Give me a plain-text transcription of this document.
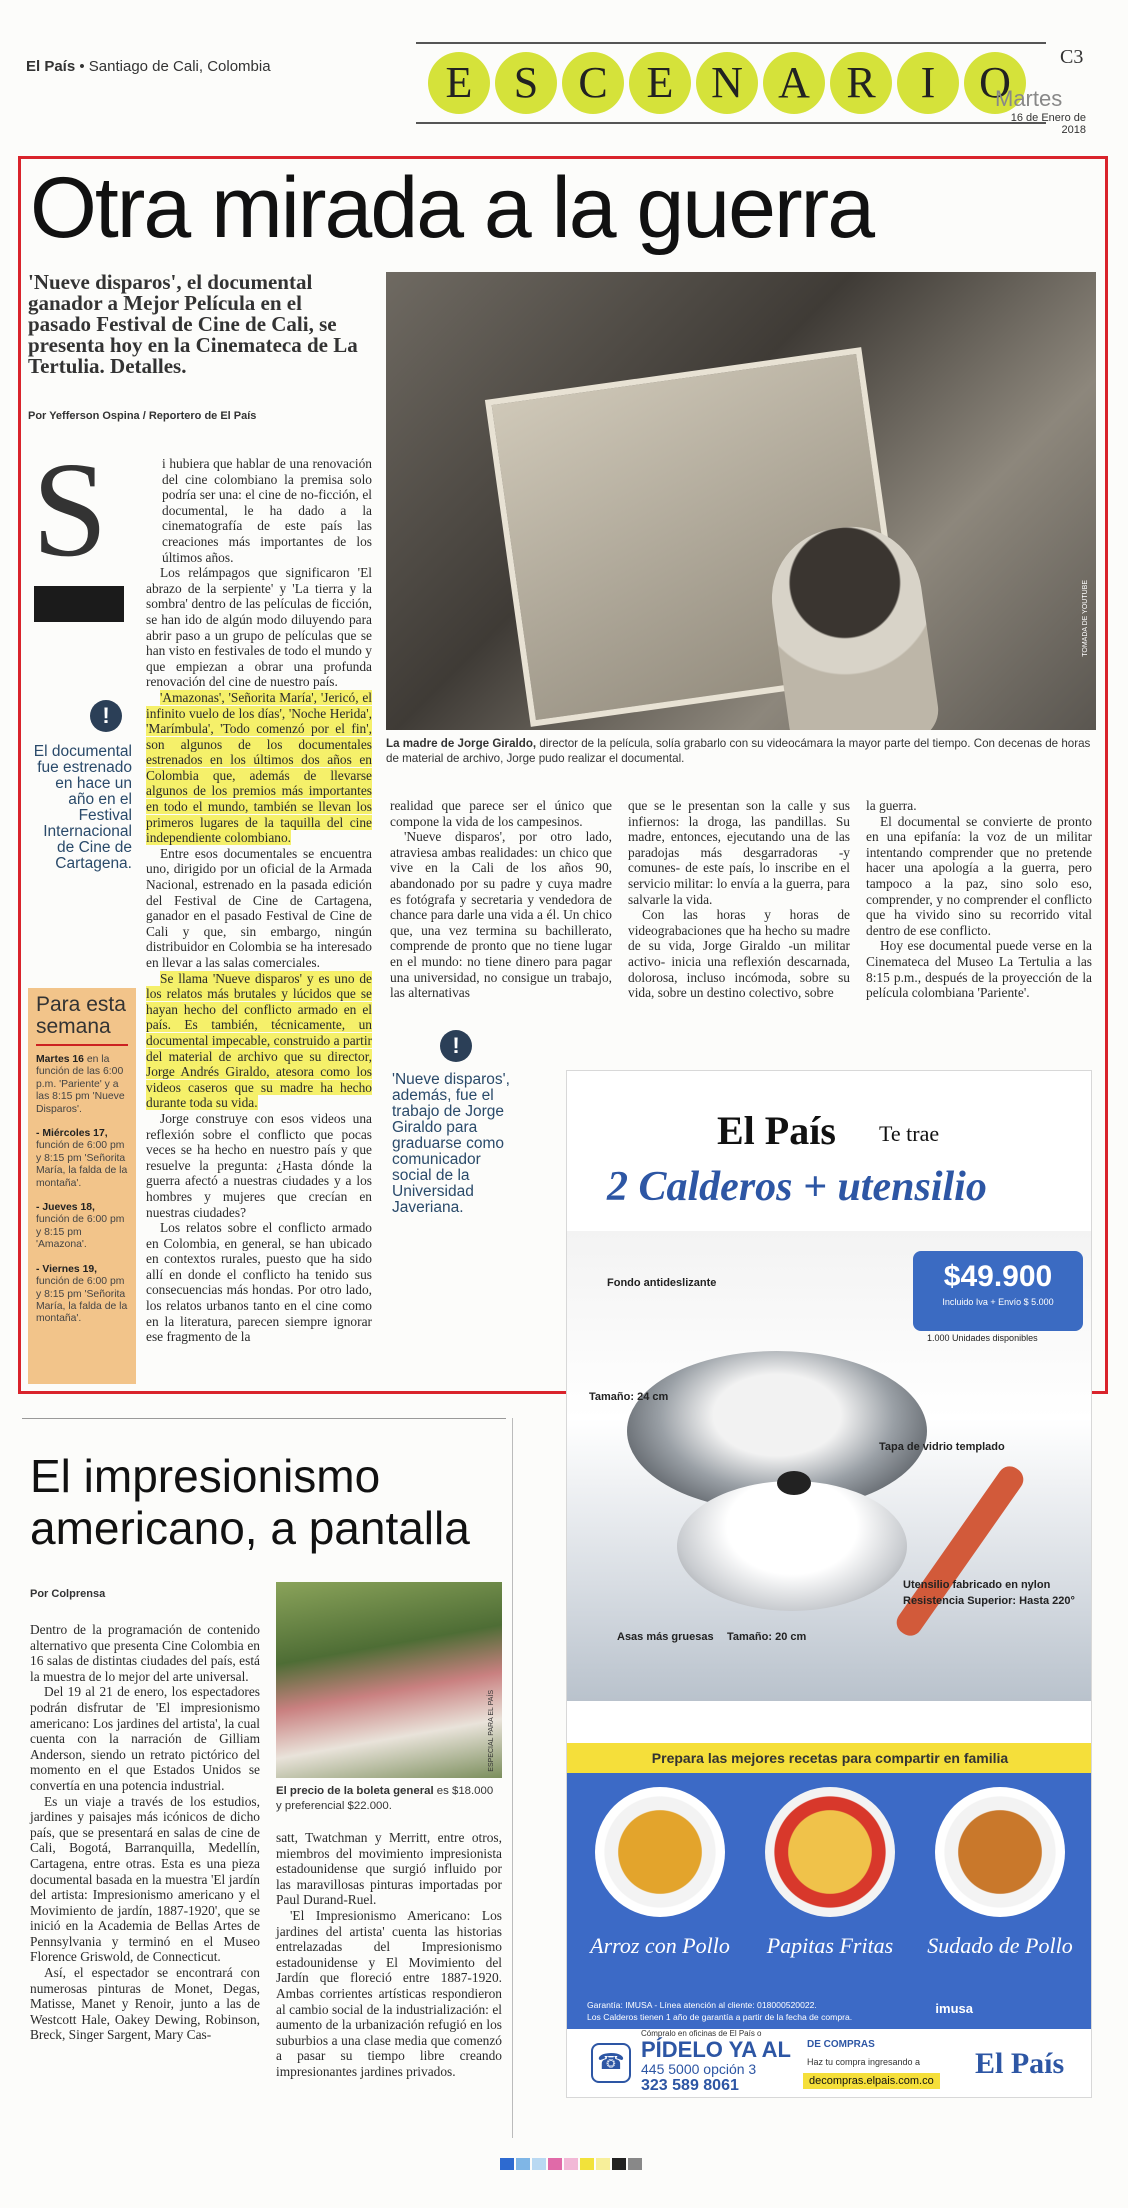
El País • Santiago de Cali, Colombia	E S C E N A R	I O
C3
Martes
16 de Enero de 2018
Otra mirada a la guerra
'Nueve disparos', el documental ganador a Mejor Película en el pasado Festival de Cine de Cali, se presenta hoy en la Cinemateca de La Tertulia. Detalles.
Por Yefferson Ospina / Reportero de El País
S
!
El documental fue estrenado en hace un año en el Festival Internacional de Cine de Cartagena.
Para esta semana
Martes 16 en la función de las 6:00 p.m. 'Pariente' y a las 8:15 pm 'Nueve Disparos'.
- Miércoles 17, función de 6:00 pm y 8:15 pm 'Señorita María, la falda de la montaña'.
- Jueves 18, función de 6:00 pm y 8:15 pm 'Amazona'.
- Viernes 19, función de 6:00 pm y 8:15 pm 'Señorita María, la falda de la montaña'.

i hubiera que hablar de una renovación del cine colombiano la premisa solo podría ser una: el cine de no-ficción, el documental, le ha dado a la cinematografía de este país las creaciones más importantes de los últimos años.

Los relámpagos que significaron 'El abrazo de la serpiente' y 'La tierra y la sombra' dentro de las películas de ficción, se han ido de algún modo diluyendo para abrir paso a un grupo de películas que se han visto en festivales de todo el mundo y que empiezan a obrar una profunda renovación del cine de nuestro país.

'Amazonas', 'Señorita María', 'Jericó, el infinito vuelo de los días', 'Noche Herida', 'Marímbula', 'Todo comenzó por el fin', son algunos de los documentales estrenados en los últimos dos años en Colombia que, además de llevarse algunos de los premios más importantes en todo el mundo, también se llevan los primeros lugares de la taquilla del cine independiente colombiano.

Entre esos documentales se encuentra uno, dirigido por un oficial de la Armada Nacional, estrenado en la pasada edición del Festival de Cine de Cartagena, ganador en el pasado Festival de Cine de Cali y que, sin embargo, ningún distribuidor en Colombia se ha interesado en llevar a las salas comerciales.

Se llama 'Nueve disparos' y es uno de los relatos más brutales y lúcidos que se hayan hecho del conflicto armado en el país. Es también, técnicamente, un documental impecable, construido a partir del material de archivo que su director, Jorge Andrés Giraldo, atesora como los videos caseros que su madre ha hecho durante toda su vida.

Jorge construye con esos videos una reflexión sobre el conflicto que pocas veces se ha hecho en nuestro país y que resuelve la pregunta: ¿Hasta dónde la guerra afectó a nuestras ciudades y a los hombres y mujeres que crecían en nuestras ciudades?

Los relatos sobre el conflicto armado en Colombia, en general, se han ubicado en contextos rurales, puesto que ha sido allí en donde el conflicto ha tenido sus consecuencias más hondas. Por otro lado, los relatos urbanos tanto en el cine como en la literatura, parecen siempre ignorar ese fragmento de la

!
'Nueve disparos', además, fue el trabajo de Jorge Giraldo para graduarse como comunicador social de la Universidad Javeriana.
TOMADA DE YOUTUBE
La madre de Jorge Giraldo, director de la película, solía grabarlo con su videocámara la mayor parte del tiempo. Con decenas de horas de material de archivo, Jorge pudo realizar el documental.

realidad que parece ser el único que compone la vida de los campesinos.

'Nueve disparos', por otro lado, atraviesa ambas realidades: un chico que vive en la Cali de los años 90, abandonado por su padre y cuya madre es fotógrafa y secretaria y vendedora de chance para darle una vida a él. Un chico que, una vez termina su bachillerato, comprende de pronto que no tiene lugar en el mundo: no tiene dinero para pagar una universidad, no consigue un trabajo, las alternativas

que se le presentan son la calle y sus infiernos: la droga, las pandillas. Su madre, entonces, ejecutando una de las paradojas más desgarradoras -y comunes- de este país, lo inscribe en el servicio militar: lo envía a la guerra, para salvarle la vida.

Con las horas y horas de videograbaciones que ha hecho su madre de su vida, Jorge Giraldo -un militar activo- inicia una reflexión descarnada, dolorosa, incluso incómoda, sobre su vida, sobre un destino colectivo, sobre

la guerra.

El documental se convierte de pronto en una epifanía: la voz de un militar intentando comprender que no pretende hacer una apología a la guerra, pero tampoco a la paz, sino solo eso, comprender, y no comprender el conflicto que ha vivido sino su recorrido vital dentro de ese conflicto.

Hoy ese documental puede verse en la Cinemateca del Museo La Tertulia a las 8:15 p.m., después de la proyección de la película colombiana 'Pariente'.

El impresionismo americano, a pantalla
Por Colprensa
ESPECIAL PARA EL PAÍS
El precio de la boleta general es $18.000 y preferencial $22.000.

Dentro de la programación de contenido alternativo que presenta Cine Colombia en 16 salas de distintas ciudades del país, está la muestra de lo mejor del arte universal.

Del 19 al 21 de enero, los espectadores podrán disfrutar de 'El impresionismo americano: Los jardines del artista', la cual cuenta con la narración de Gilliam Anderson, siendo un retrato pictórico del momento en el que Estados Unidos se convertía en una potencia industrial.

Es un viaje a través de los estudios, jardines y paisajes más icónicos de dicho país, que se presentará en salas de cine de Cali, Bogotá, Barranquilla, Medellín, Cartagena, entre otras. Esta es una pieza documental basada en la muestra 'El jardín del artista: Impresionismo americano y el Movimiento de jardín, 1887-1920', que se inició en la Academia de Bellas Artes de Pennsylvania y terminó en el Museo Florence Griswold, de Connecticut.

Así, el espectador se encontrará con numerosas pinturas de Monet, Degas, Matisse, Manet y Renoir, junto a las de Westcott Hale, Oakey Dewing, Robinson, Breck, Singer Sargent, Mary Cas-

satt, Twatchman y Merritt, entre otros, miembros del movimiento impresionista estadounidense que surgió influido por las maravillosas pinturas importadas por Paul Durand-Ruel.

'El Impresionismo Americano: Los jardines del artista' cuenta las historias entrelazadas del Impresionismo estadounidense y El Movimiento del Jardín que floreció entre 1887-1920. Ambas corrientes artísticas respondieron al cambio social de la industrialización: el aumento de la urbanización refugió en los suburbios a una clase media que comenzó a pasar su tiempo libre creando impresionantes jardines privados.

El País Te trae
2 Calderos + utensilio
$49.900
Incluido Iva + Envío $ 5.000
1.000 Unidades disponibles
Fondo antideslizante
Tamaño: 24 cm
Tapa de vidrio templado
Utensilio fabricado en nylon
Resistencia Superior: Hasta 220°
Asas más gruesas Tamaño: 20 cm
Prepara las mejores recetas para compartir en familia
Arroz con Pollo	Papitas Fritas	Sudado de Pollo
Garantía: IMUSA - Línea atención al cliente: 018000520022.
Los Calderos tienen 1 año de garantía a partir de la fecha de compra.
imusa
☎
Cómpralo en oficinas de El País o
PÍDELO YA AL
445 5000 opción 3
323 589 8061
DE COMPRAS
Haz tu compra ingresando a
decompras.elpais.com.co
El País
